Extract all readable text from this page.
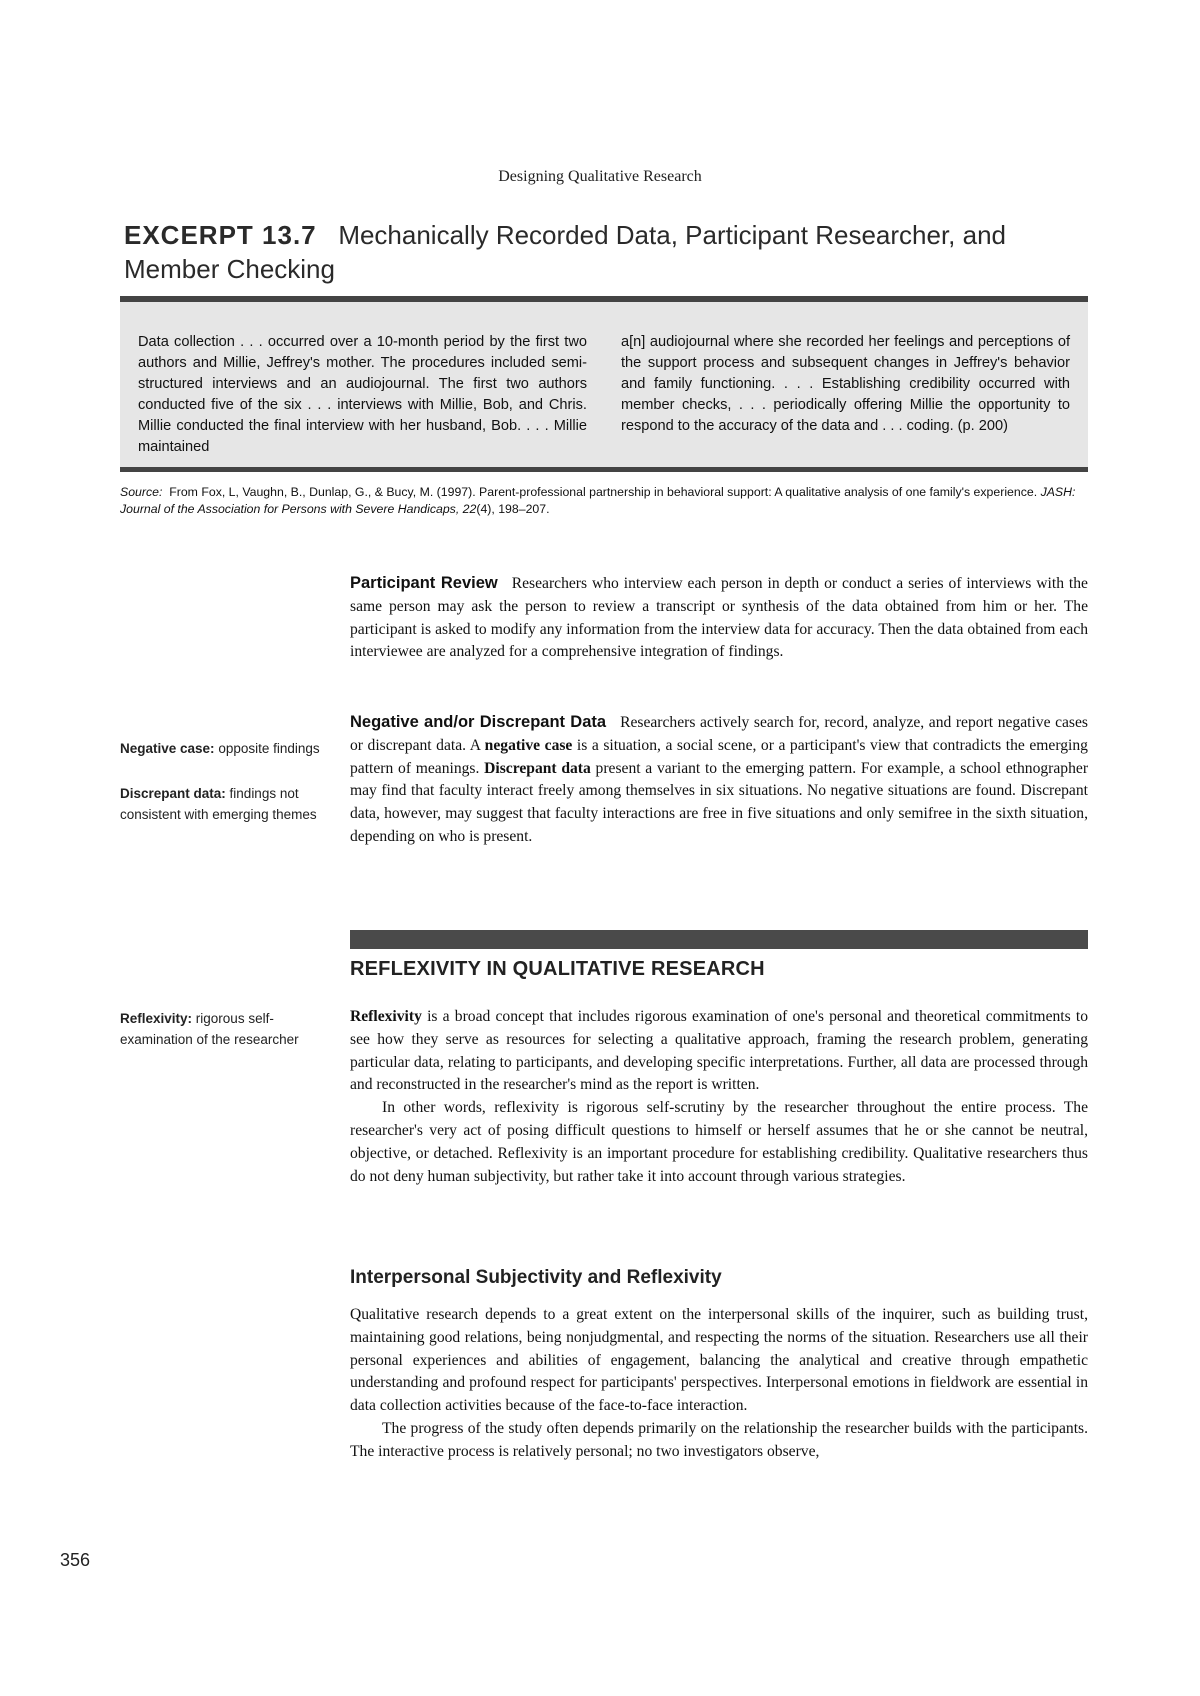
Designing Qualitative Research
EXCERPT 13.7 Mechanically Recorded Data, Participant Researcher, and Member Checking
Data collection . . . occurred over a 10-month period by the first two authors and Millie, Jeffrey's mother. The procedures included semi-structured interviews and an audiojournal. The first two authors conducted five of the six . . . interviews with Millie, Bob, and Chris. Millie conducted the final interview with her husband, Bob. . . . Millie maintained
a[n] audiojournal where she recorded her feelings and perceptions of the support process and subsequent changes in Jeffrey's behavior and family functioning. . . . Establishing credibility occurred with member checks, . . . periodically offering Millie the opportunity to respond to the accuracy of the data and . . . coding. (p. 200)
Source: From Fox, L, Vaughn, B., Dunlap, G., & Bucy, M. (1997). Parent-professional partnership in behavioral support: A qualitative analysis of one family's experience. JASH: Journal of the Association for Persons with Severe Handicaps, 22(4), 198–207.
Negative case: opposite findings
Discrepant data: findings not consistent with emerging themes
Reflexivity: rigorous self-examination of the researcher

Participant Review Researchers who interview each person in depth or conduct a series of interviews with the same person may ask the person to review a transcript or synthesis of the data obtained from him or her. The participant is asked to modify any information from the interview data for accuracy. Then the data obtained from each interviewee are analyzed for a comprehensive integration of findings.

Negative and/or Discrepant Data Researchers actively search for, record, analyze, and report negative cases or discrepant data. A negative case is a situation, a social scene, or a participant's view that contradicts the emerging pattern of meanings. Discrepant data present a variant to the emerging pattern. For example, a school ethnographer may find that faculty interact freely among themselves in six situations. No negative situations are found. Discrepant data, however, may suggest that faculty interactions are free in five situations and only semifree in the sixth situation, depending on who is present.

REFLEXIVITY IN QUALITATIVE RESEARCH

Reflexivity is a broad concept that includes rigorous examination of one's personal and theoretical commitments to see how they serve as resources for selecting a qualitative approach, framing the research problem, generating particular data, relating to participants, and developing specific interpretations. Further, all data are processed through and reconstructed in the researcher's mind as the report is written.

In other words, reflexivity is rigorous self-scrutiny by the researcher throughout the entire process. The researcher's very act of posing difficult questions to himself or herself assumes that he or she cannot be neutral, objective, or detached. Reflexivity is an important procedure for establishing credibility. Qualitative researchers thus do not deny human subjectivity, but rather take it into account through various strategies.

Interpersonal Subjectivity and Reflexivity

Qualitative research depends to a great extent on the interpersonal skills of the inquirer, such as building trust, maintaining good relations, being nonjudgmental, and respecting the norms of the situation. Researchers use all their personal experiences and abilities of engagement, balancing the analytical and creative through empathetic understanding and profound respect for participants' perspectives. Interpersonal emotions in fieldwork are essential in data collection activities because of the face-to-face interaction.

The progress of the study often depends primarily on the relationship the researcher builds with the participants. The interactive process is relatively personal; no two investigators observe,

356
